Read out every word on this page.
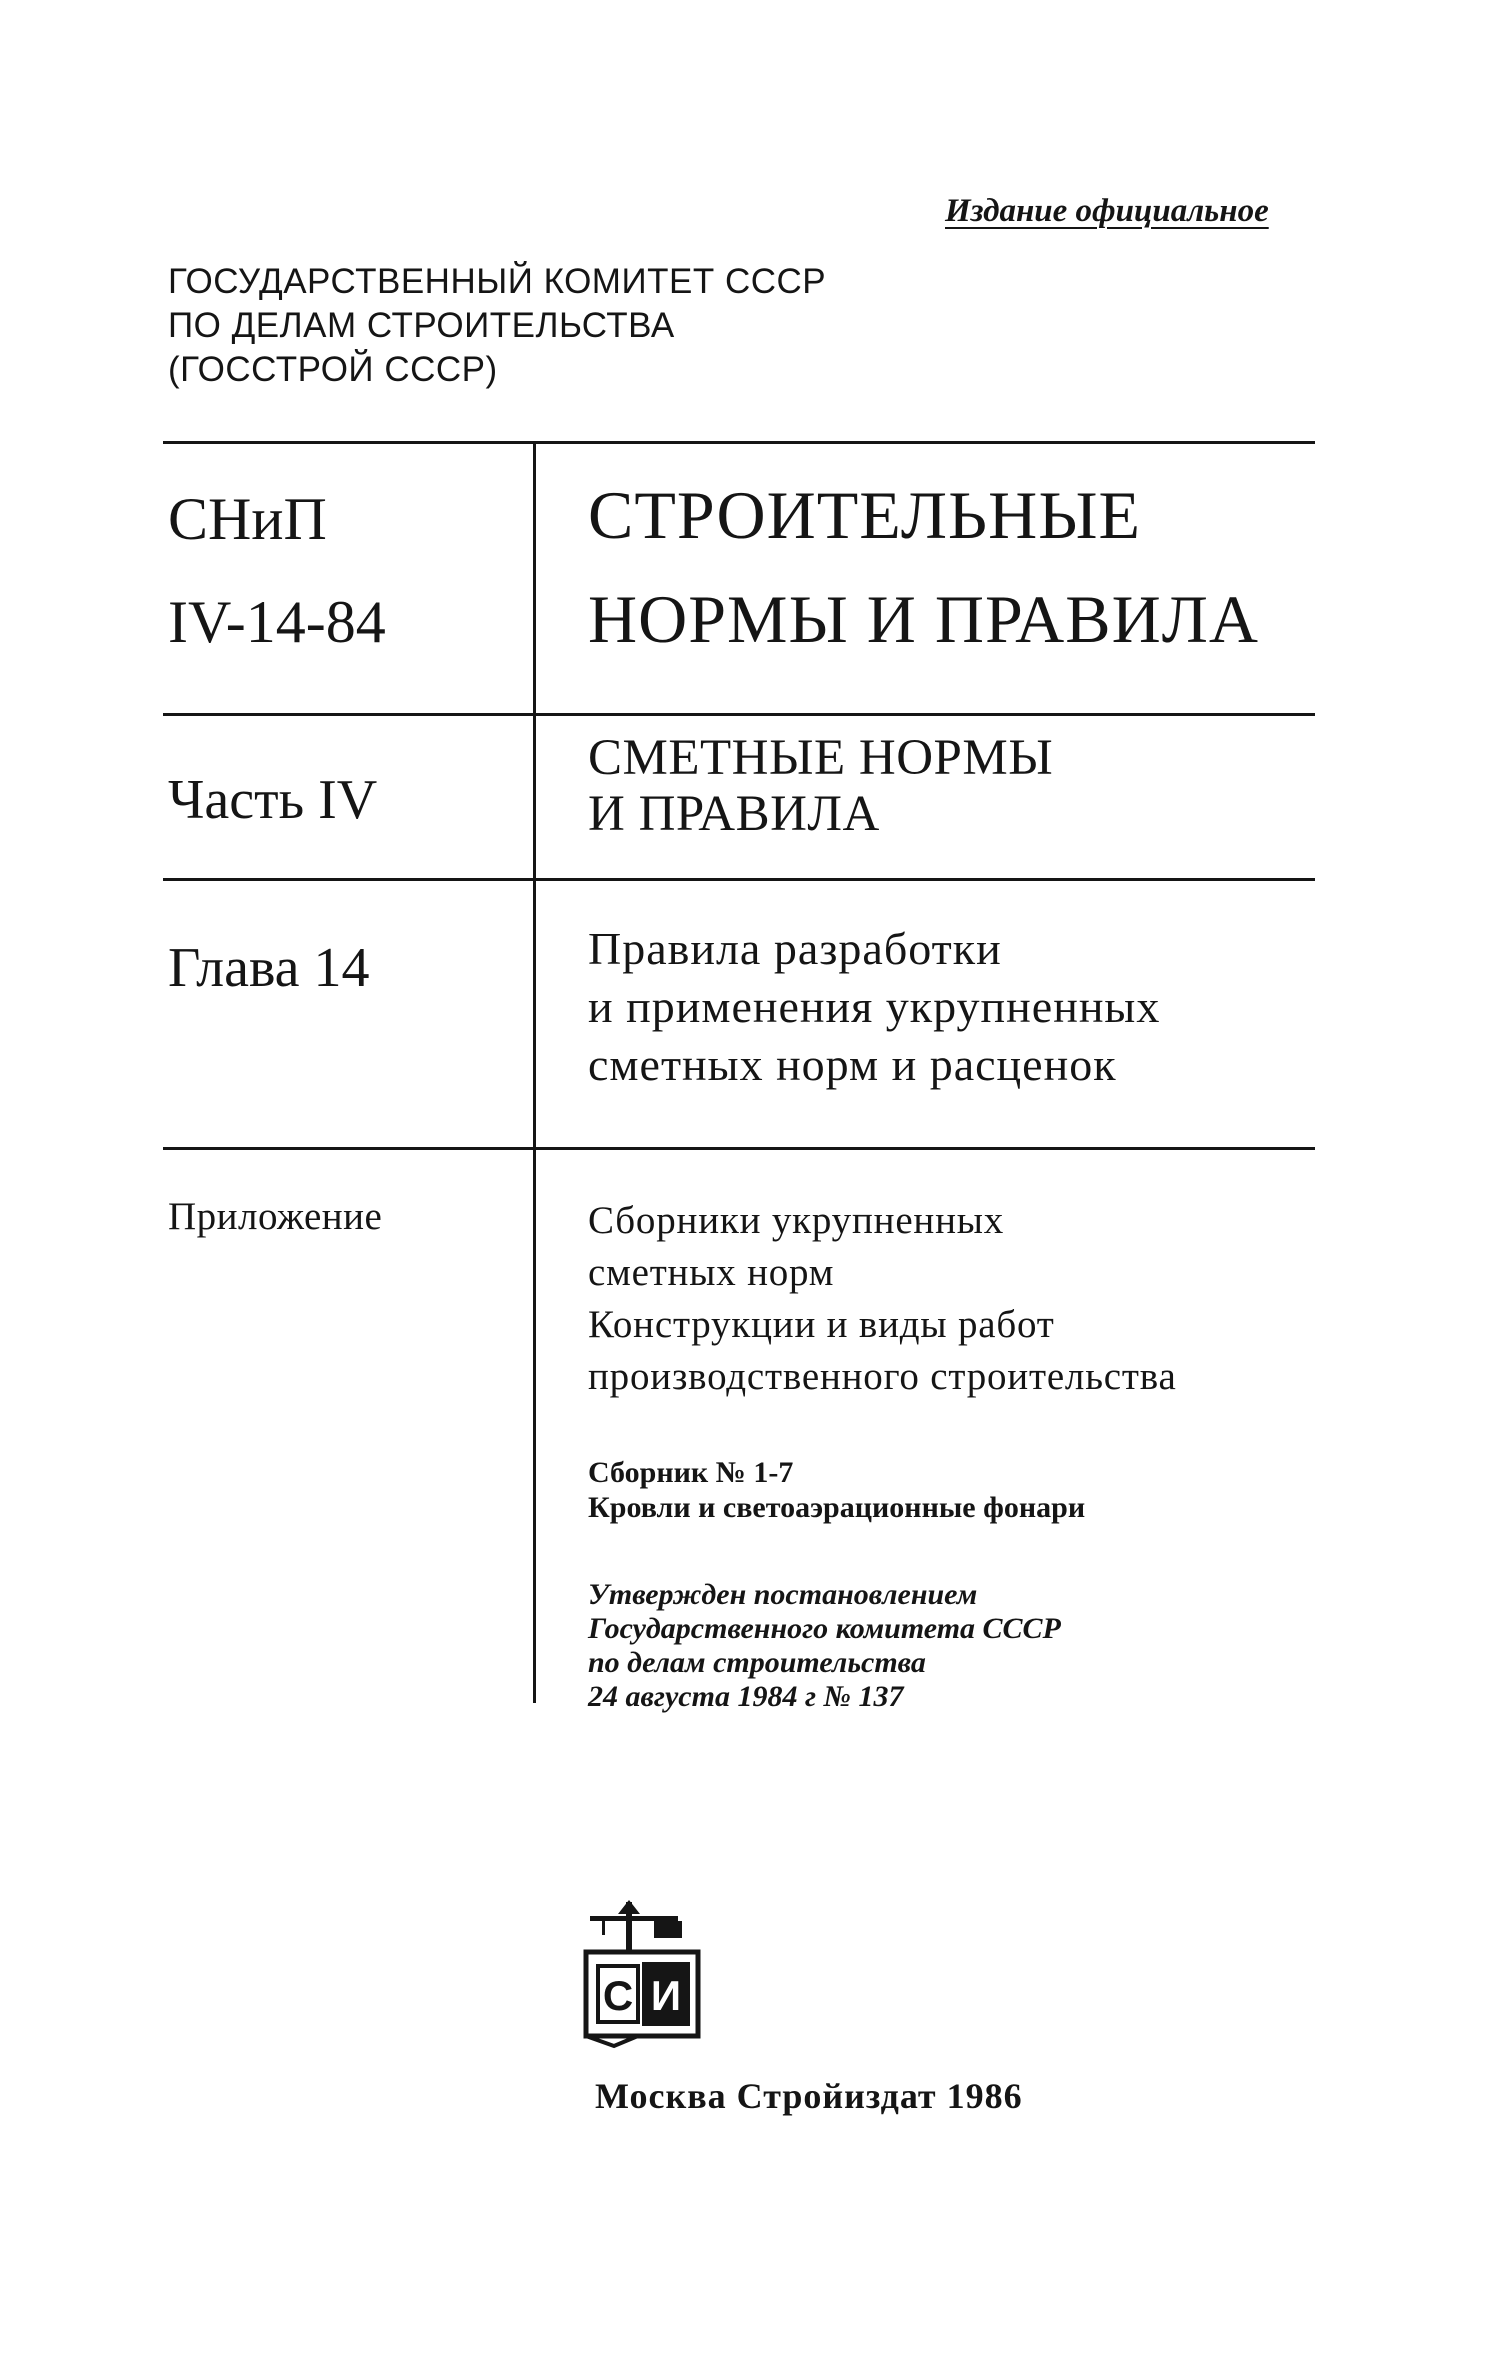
Издание официальное
ГОСУДАРСТВЕННЫЙ КОМИТЕТ СССР
ПО ДЕЛАМ СТРОИТЕЛЬСТВА
(ГОССТРОЙ СССР)
СНиП
IV-14-84
СТРОИТЕЛЬНЫЕ
НОРМЫ И ПРАВИЛА
Часть IV
СМЕТНЫЕ НОРМЫ
И ПРАВИЛА
Глава 14	Правила разработки
и применения укрупненных
сметных норм и расценок
Приложение	Сборники укрупненных
сметных норм
Конструкции и виды работ
производственного строительства
Сборник № 1-7
Кровли и светоаэрационные фонари
Утвержден постановлением
Государственного комитета СССР
по делам строительства
24 августа 1984 г № 137
С И
Москва Стройиздат 1986
